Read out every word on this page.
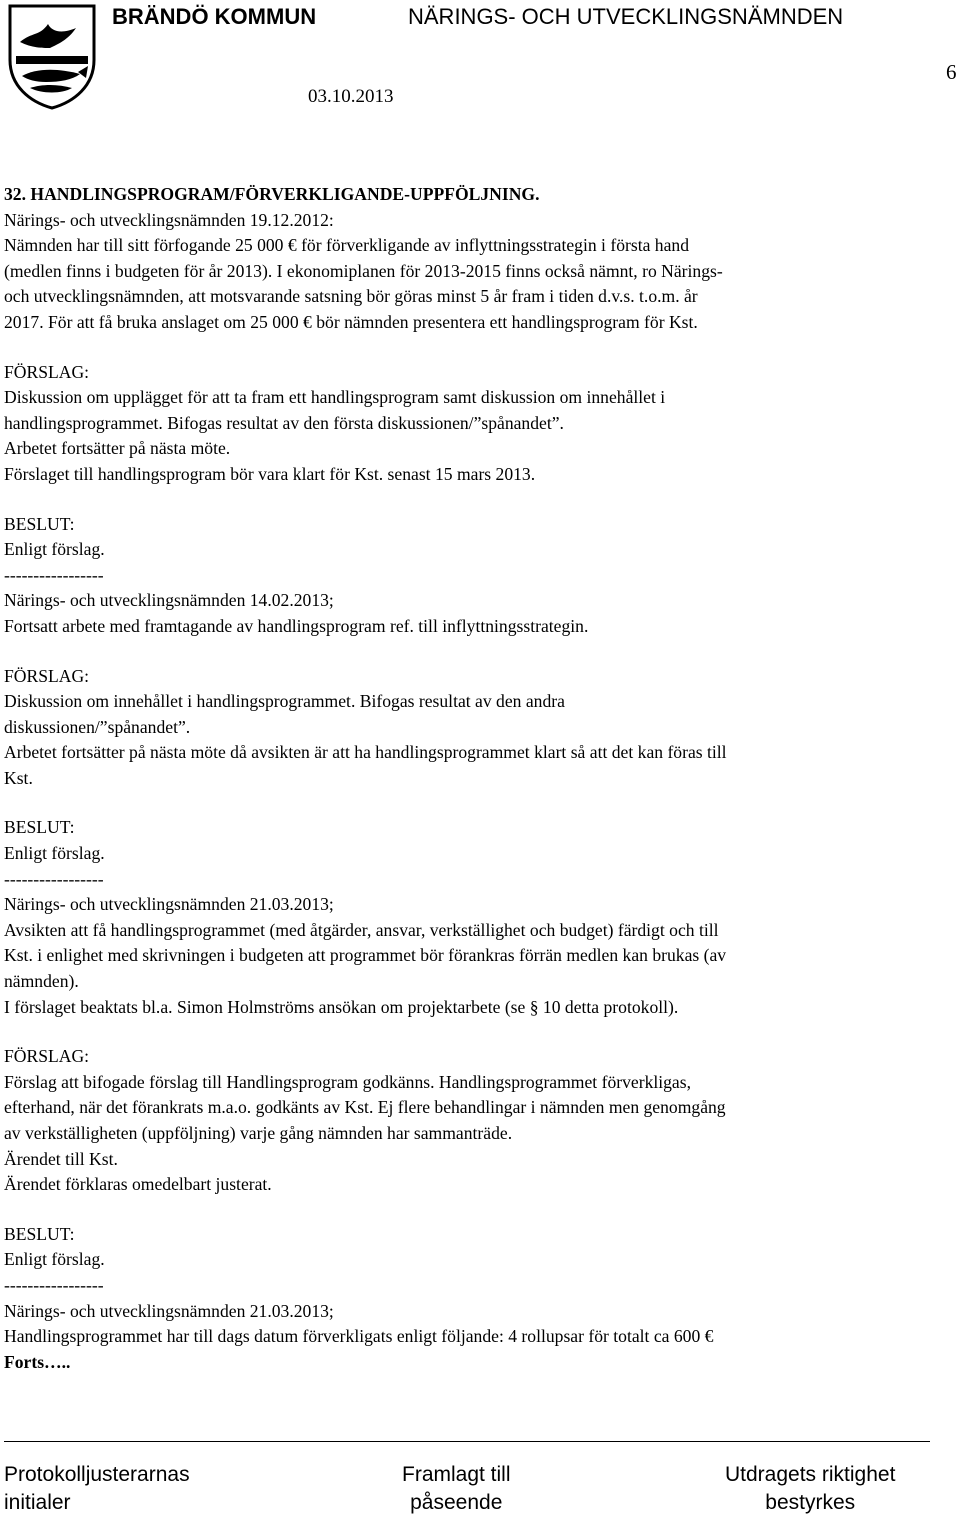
BRÄNDÖ KOMMUN	NÄRINGS- OCH UTVECKLINGSNÄMNDEN
03.10.2013
6
32. HANDLINGSPROGRAM/FÖRVERKLIGANDE-UPPFÖLJNING.
Närings- och utvecklingsnämnden 19.12.2012:
Nämnden har till sitt förfogande 25 000 € för förverkligande av inflyttningsstrategin i första hand
(medlen finns i budgeten för år 2013). I ekonomiplanen för 2013-2015 finns också nämnt, ro Närings-
och utvecklingsnämnden, att motsvarande satsning bör göras minst 5 år fram i tiden d.v.s. t.o.m. år
2017. För att få bruka anslaget om 25 000 € bör nämnden presentera ett handlingsprogram för Kst.
FÖRSLAG:
Diskussion om upplägget för att ta fram ett handlingsprogram samt diskussion om innehållet i
handlingsprogrammet. Bifogas resultat av den första diskussionen/”spånandet”.
Arbetet fortsätter på nästa möte.
Förslaget till handlingsprogram bör vara klart för Kst. senast 15 mars 2013.
BESLUT:
Enligt förslag.
-----------------
Närings- och utvecklingsnämnden 14.02.2013;
Fortsatt arbete med framtagande av handlingsprogram ref. till inflyttningsstrategin.
FÖRSLAG:
Diskussion om innehållet i handlingsprogrammet. Bifogas resultat av den andra
diskussionen/”spånandet”.
Arbetet fortsätter på nästa möte då avsikten är att ha handlingsprogrammet klart så att det kan föras till
Kst.
BESLUT:
Enligt förslag.
-----------------
Närings- och utvecklingsnämnden 21.03.2013;
Avsikten att få handlingsprogrammet (med åtgärder, ansvar, verkställighet och budget) färdigt och till
Kst. i enlighet med skrivningen i budgeten att programmet bör förankras förrän medlen kan brukas (av
nämnden).
I förslaget beaktats bl.a. Simon Holmströms ansökan om projektarbete (se § 10 detta protokoll).
FÖRSLAG:
Förslag att bifogade förslag till Handlingsprogram godkänns. Handlingsprogrammet förverkligas,
efterhand, när det förankrats m.a.o. godkänts av Kst. Ej flere behandlingar i nämnden men genomgång
av verkställigheten (uppföljning) varje gång nämnden har sammanträde.
Ärendet till Kst.
Ärendet förklaras omedelbart justerat.
BESLUT:
Enligt förslag.
-----------------
Närings- och utvecklingsnämnden 21.03.2013;
Handlingsprogrammet har till dags datum förverkligats enligt följande: 4 rollupsar för totalt ca 600 €
Forts…..
Protokolljusterarnas
initialer
Framlagt till
påseende
Utdragets riktighet
bestyrkes
